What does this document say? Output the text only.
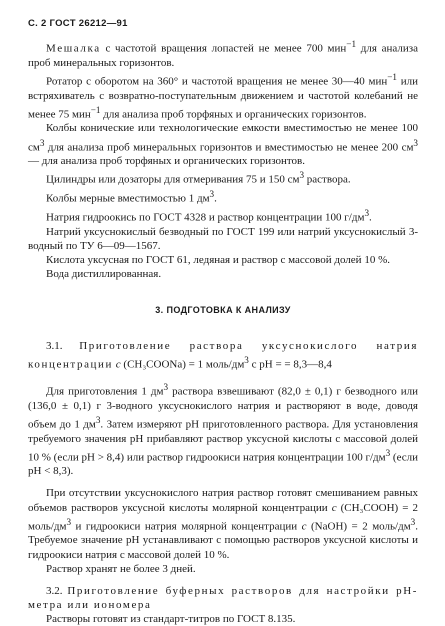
С. 2 ГОСТ 26212—91

Мешалка с частотой вращения лопастей не менее 700 мин$^{-1}$ для анализа проб минеральных горизонтов.

Ротатор с оборотом на 360° и частотой вращения не менее 30—40 мин$^{-1}$ или встряхиватель с возвратно-поступательным движением и частотой колебаний не менее 75 мин$^{-1}$ для анализа проб торфяных и органических горизонтов.

Колбы конические или технологические емкости вместимостью не менее 100 $см^3$ для анализа проб минеральных горизонтов и вместимостью не менее 200 $см^3$ — для анализа проб торфяных и органических горизонтов.

Цилиндры или дозаторы для отмеривания 75 и 150 $см^3$ раствора.

Колбы мерные вместимостью 1 $дм^3$.

Натрия гидроокись по ГОСТ 4328 и раствор концентрации 100 $г/дм^3$.

Натрий уксуснокислый безводный по ГОСТ 199 или натрий уксуснокислый 3-водный по ТУ 6—09—1567.

Кислота уксусная по ГОСТ 61, ледяная и раствор с массовой долей 10 %.

Вода дистиллированная.

3. ПОДГОТОВКА К АНАЛИЗУ

3.1. Приготовление раствора уксуснокислого натрия концентрации c (CH₃COONa) = 1 моль/$дм^3$ с pH = = 8,3—8,4

Для приготовления 1 $дм^3$ раствора взвешивают (82,0 ± 0,1) г безводного или (136,0 ± 0,1) г 3-водного уксуснокислого натрия и растворяют в воде, доводя объем до 1 $дм^3$. Затем измеряют pH приготовленного раствора. Для установления требуемого значения pH прибавляют раствор уксусной кислоты с массовой долей 10 % (если pH > 8,4) или раствор гидроокиси натрия концентрации 100 $г/дм^3$ (если pH < 8,3).

При отсутствии уксуснокислого натрия раствор готовят смешиванием равных объемов растворов уксусной кислоты молярной концентрации c (CH₃COOH) = 2 моль/$дм^3$ и гидроокиси натрия молярной концентрации c (NaOH) = 2 моль/$дм^3$. Требуемое значение pH устанавливают с помощью растворов уксусной кислоты и гидроокиси натрия с массовой долей 10 %.

Раствор хранят не более 3 дней.

3.2. Приготовление буферных растворов для настройки pH-метра или иономера

Растворы готовят из стандарт-титров по ГОСТ 8.135.
